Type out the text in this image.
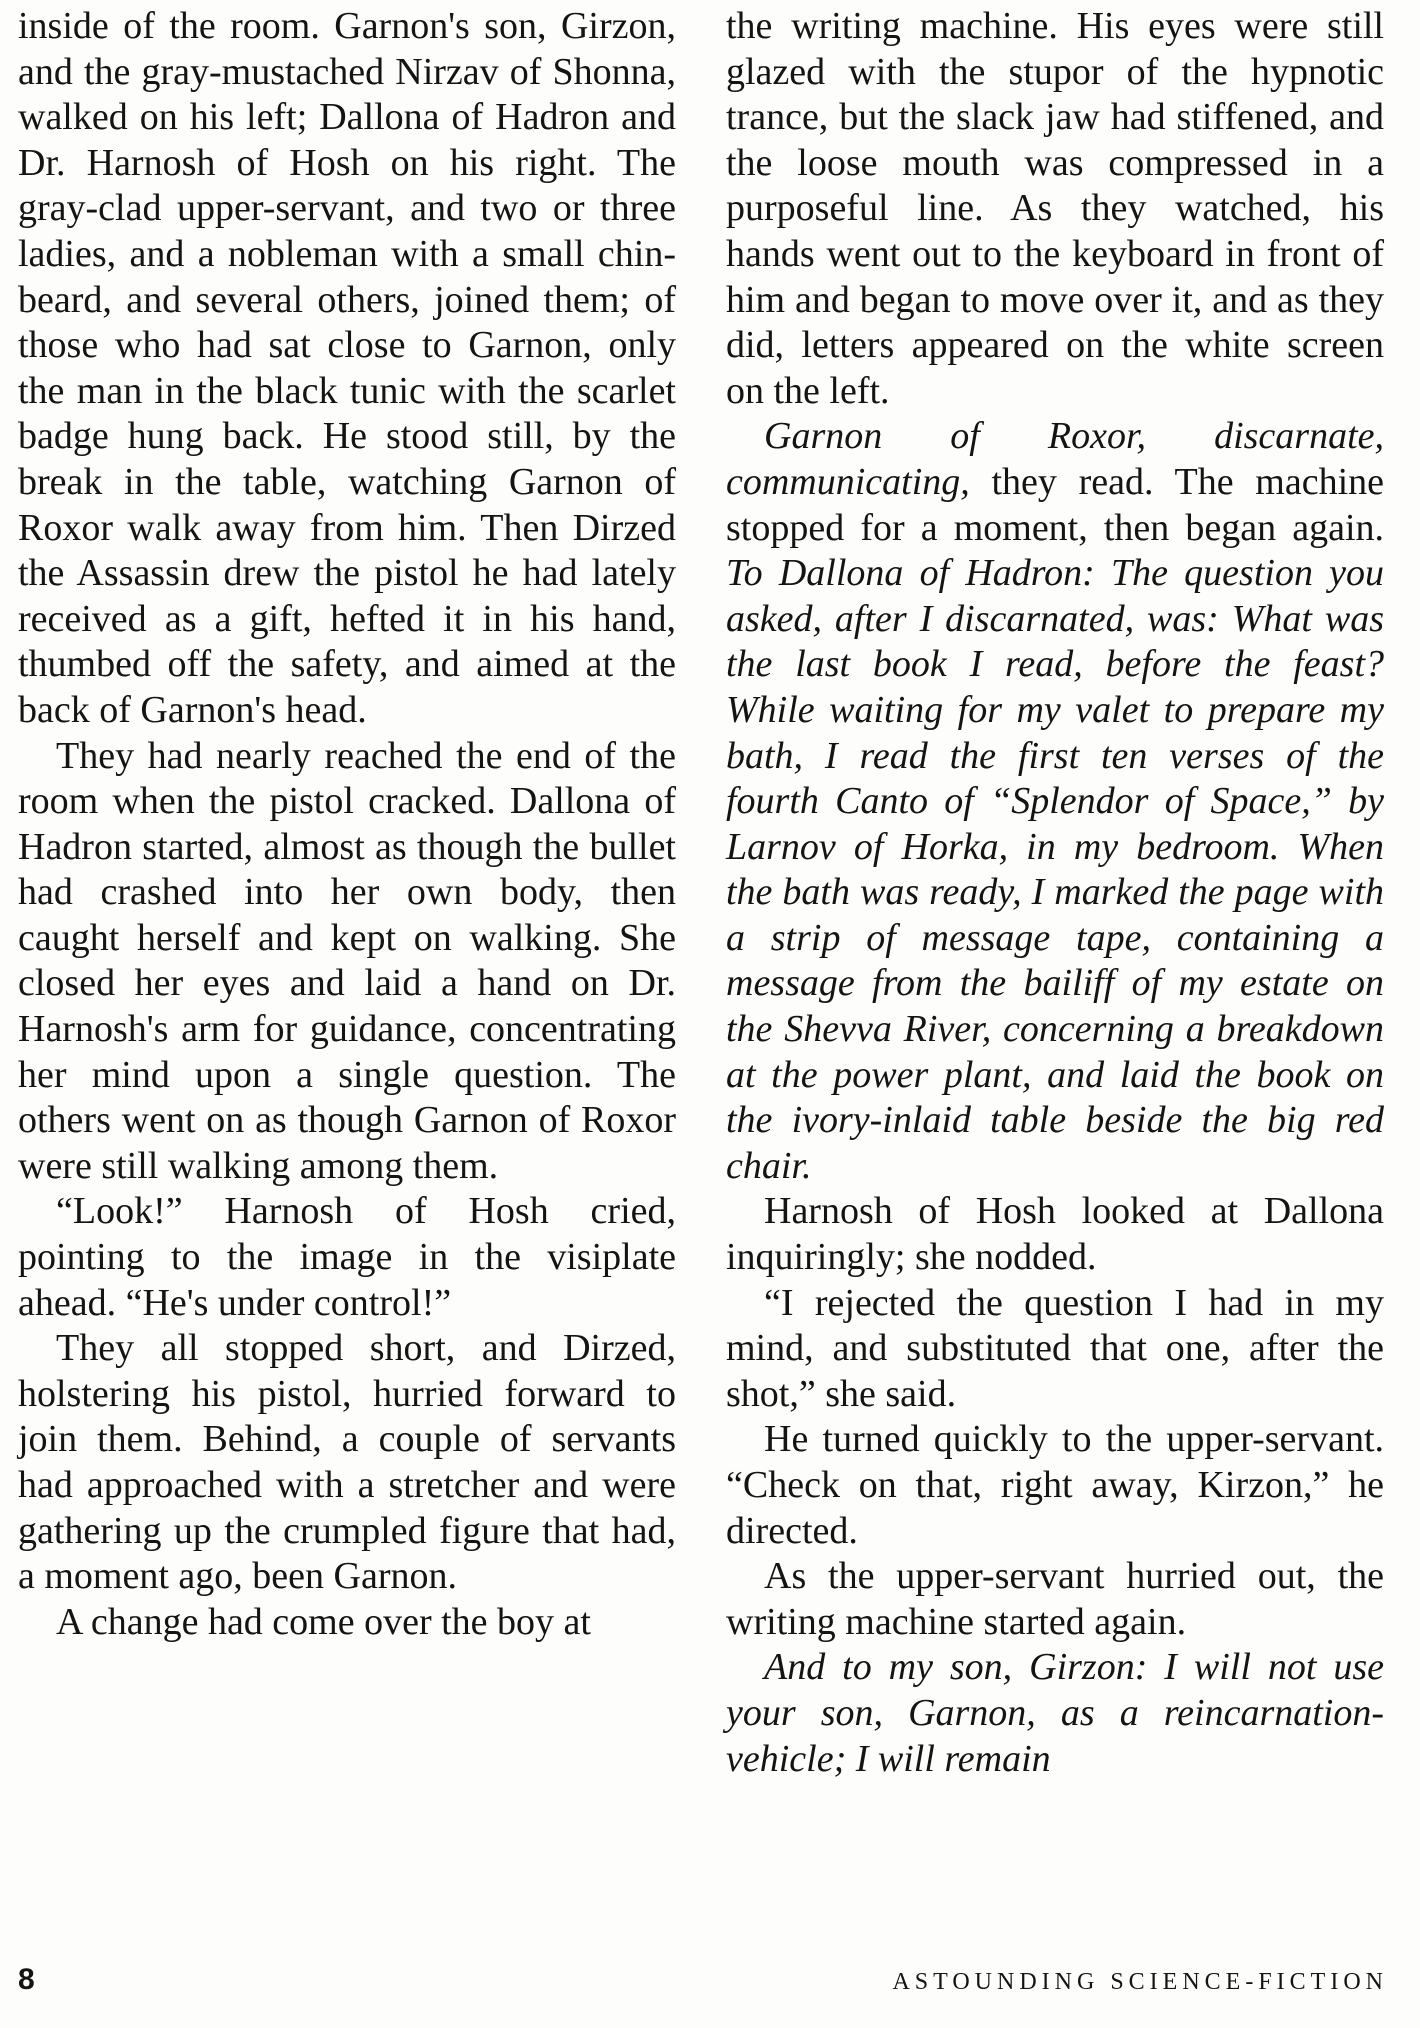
inside of the room. Garnon's son, Girzon, and the gray-mustached Nirzav of Shonna, walked on his left; Dallona of Hadron and Dr. Harnosh of Hosh on his right. The gray-clad upper-servant, and two or three ladies, and a nobleman with a small chin-beard, and several others, joined them; of those who had sat close to Garnon, only the man in the black tunic with the scarlet badge hung back. He stood still, by the break in the table, watching Garnon of Roxor walk away from him. Then Dirzed the Assassin drew the pistol he had lately received as a gift, hefted it in his hand, thumbed off the safety, and aimed at the back of Garnon's head.

They had nearly reached the end of the room when the pistol cracked. Dallona of Hadron started, almost as though the bullet had crashed into her own body, then caught herself and kept on walking. She closed her eyes and laid a hand on Dr. Harnosh's arm for guidance, concentrating her mind upon a single question. The others went on as though Garnon of Roxor were still walking among them.

“Look!” Harnosh of Hosh cried, pointing to the image in the visiplate ahead. “He's under control!”

They all stopped short, and Dirzed, holstering his pistol, hurried forward to join them. Behind, a couple of servants had approached with a stretcher and were gathering up the crumpled figure that had, a moment ago, been Garnon.

A change had come over the boy at

the writing machine. His eyes were still glazed with the stupor of the hypnotic trance, but the slack jaw had stiffened, and the loose mouth was compressed in a purposeful line. As they watched, his hands went out to the keyboard in front of him and began to move over it, and as they did, letters appeared on the white screen on the left.

Garnon of Roxor, discarnate, communicating, they read. The machine stopped for a moment, then began again. To Dallona of Hadron: The question you asked, after I discarnated, was: What was the last book I read, before the feast? While waiting for my valet to prepare my bath, I read the first ten verses of the fourth Canto of “Splendor of Space,” by Larnov of Horka, in my bedroom. When the bath was ready, I marked the page with a strip of message tape, containing a message from the bailiff of my estate on the Shevva River, concerning a breakdown at the power plant, and laid the book on the ivory-inlaid table beside the big red chair.

Harnosh of Hosh looked at Dallona inquiringly; she nodded.

“I rejected the question I had in my mind, and substituted that one, after the shot,” she said.

He turned quickly to the upper-servant. “Check on that, right away, Kirzon,” he directed.

As the upper-servant hurried out, the writing machine started again.

And to my son, Girzon: I will not use your son, Garnon, as a reincarnation-vehicle; I will remain

8	ASTOUNDING SCIENCE-FICTION
